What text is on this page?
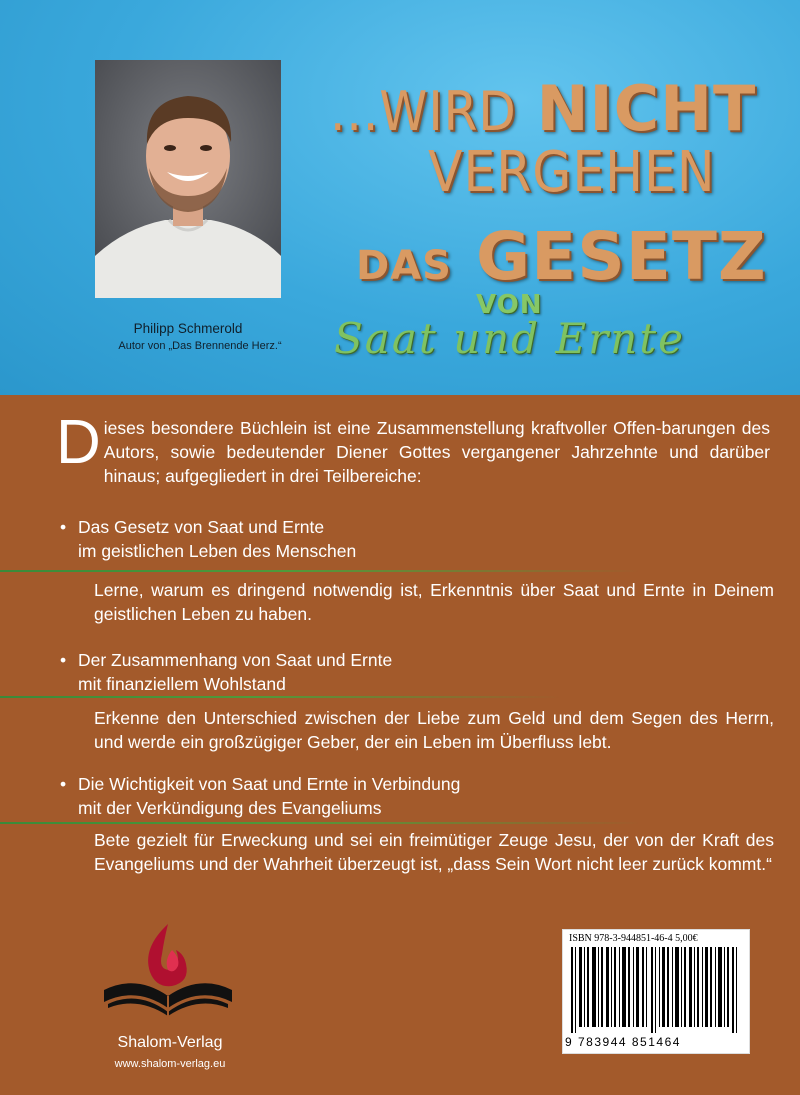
Philipp Schmerold
Autor von „Das Brennende Herz.“
...WIRD NICHT
VERGEHEN
DAS GESETZ
VON
Saat und Ernte
Dieses besondere Büchlein ist eine Zusammenstellung kraftvoller Offen-barungen des Autors, sowie bedeutender Diener Gottes vergangener Jahrzehnte und darüber hinaus; aufgegliedert in drei Teilbereiche:
• Das Gesetz von Saat und Ernte
im geistlichen Leben des Menschen
Lerne, warum es dringend notwendig ist, Erkenntnis über Saat und Ernte in Deinem geistlichen Leben zu haben.
• Der Zusammenhang von Saat und Ernte
mit finanziellem Wohlstand
Erkenne den Unterschied zwischen der Liebe zum Geld und dem Segen des Herrn, und werde ein großzügiger Geber, der ein Leben im Überfluss lebt.
• Die Wichtigkeit von Saat und Ernte in Verbindung
mit der Verkündigung des Evangeliums
Bete gezielt für Erweckung und sei ein freimütiger Zeuge Jesu, der von der Kraft des Evangeliums und der Wahrheit überzeugt ist, „dass Sein Wort nicht leer zurück kommt.“
Shalom-Verlag
www.shalom-verlag.eu
ISBN 978-3-944851-46-4 5,00€
9 783944 851464
